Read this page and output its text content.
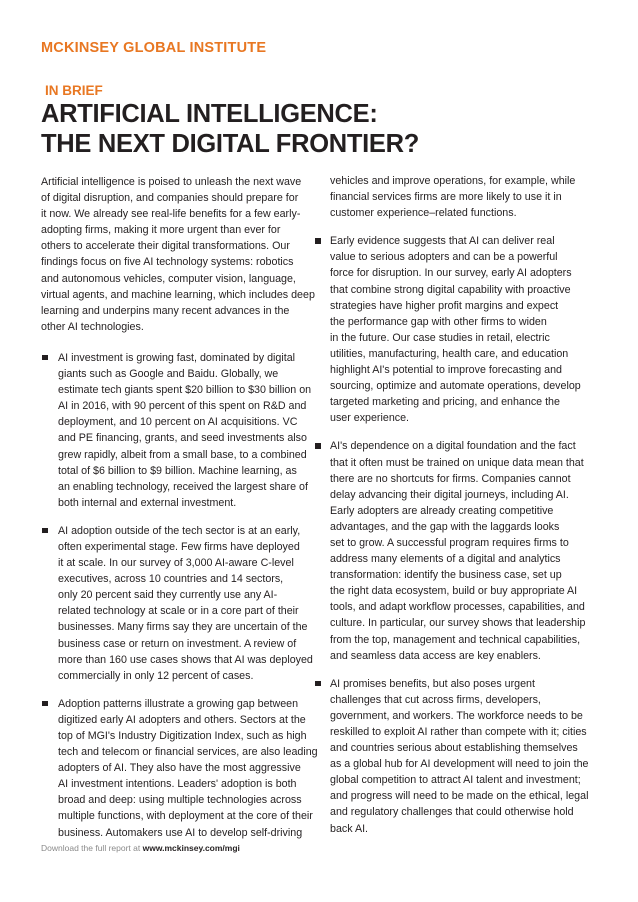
MCKINSEY GLOBAL INSTITUTE
IN BRIEF
ARTIFICIAL INTELLIGENCE:
THE NEXT DIGITAL FRONTIER?
Artificial intelligence is poised to unleash the next wave
of digital disruption, and companies should prepare for
it now. We already see real-life benefits for a few early-
adopting firms, making it more urgent than ever for
others to accelerate their digital transformations. Our
findings focus on five AI technology systems: robotics
and autonomous vehicles, computer vision, language,
virtual agents, and machine learning, which includes deep
learning and underpins many recent advances in the
other AI technologies.
AI investment is growing fast, dominated by digital
giants such as Google and Baidu. Globally, we
estimate tech giants spent $20 billion to $30 billion on
AI in 2016, with 90 percent of this spent on R&D and
deployment, and 10 percent on AI acquisitions. VC
and PE financing, grants, and seed investments also
grew rapidly, albeit from a small base, to a combined
total of $6 billion to $9 billion. Machine learning, as
an enabling technology, received the largest share of
both internal and external investment.
AI adoption outside of the tech sector is at an early,
often experimental stage. Few firms have deployed
it at scale. In our survey of 3,000 AI-aware C-level
executives, across 10 countries and 14 sectors,
only 20 percent said they currently use any AI-
related technology at scale or in a core part of their
businesses. Many firms say they are uncertain of the
business case or return on investment. A review of
more than 160 use cases shows that AI was deployed
commercially in only 12 percent of cases.
Adoption patterns illustrate a growing gap between
digitized early AI adopters and others. Sectors at the
top of MGI's Industry Digitization Index, such as high
tech and telecom or financial services, are also leading
adopters of AI. They also have the most aggressive
AI investment intentions. Leaders' adoption is both
broad and deep: using multiple technologies across
multiple functions, with deployment at the core of their
business. Automakers use AI to develop self-driving
vehicles and improve operations, for example, while
financial services firms are more likely to use it in
customer experience–related functions.
Early evidence suggests that AI can deliver real
value to serious adopters and can be a powerful
force for disruption. In our survey, early AI adopters
that combine strong digital capability with proactive
strategies have higher profit margins and expect
the performance gap with other firms to widen
in the future. Our case studies in retail, electric
utilities, manufacturing, health care, and education
highlight AI's potential to improve forecasting and
sourcing, optimize and automate operations, develop
targeted marketing and pricing, and enhance the
user experience.
AI's dependence on a digital foundation and the fact
that it often must be trained on unique data mean that
there are no shortcuts for firms. Companies cannot
delay advancing their digital journeys, including AI.
Early adopters are already creating competitive
advantages, and the gap with the laggards looks
set to grow. A successful program requires firms to
address many elements of a digital and analytics
transformation: identify the business case, set up
the right data ecosystem, build or buy appropriate AI
tools, and adapt workflow processes, capabilities, and
culture. In particular, our survey shows that leadership
from the top, management and technical capabilities,
and seamless data access are key enablers.
AI promises benefits, but also poses urgent
challenges that cut across firms, developers,
government, and workers. The workforce needs to be
reskilled to exploit AI rather than compete with it; cities
and countries serious about establishing themselves
as a global hub for AI development will need to join the
global competition to attract AI talent and investment;
and progress will need to be made on the ethical, legal
and regulatory challenges that could otherwise hold
back AI.
Download the full report at www.mckinsey.com/mgi
